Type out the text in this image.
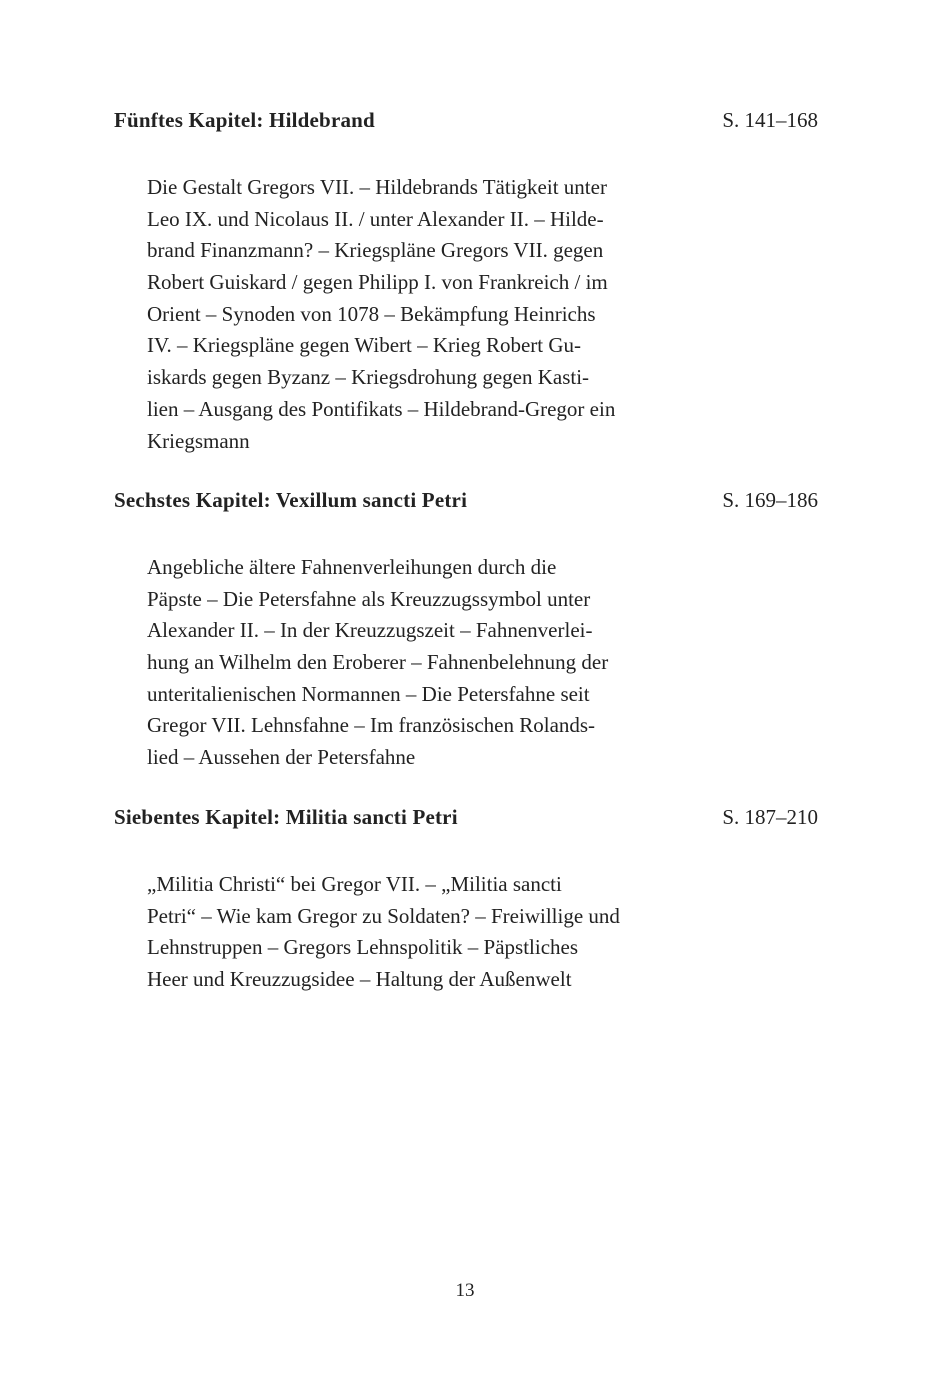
Fünftes Kapitel: Hildebrand	S. 141–168
Die Gestalt Gregors VII. – Hildebrands Tätigkeit unter
Leo IX. und Nicolaus II. / unter Alexander II. – Hilde-
brand Finanzmann? – Kriegspläne Gregors VII. gegen
Robert Guiskard / gegen Philipp I. von Frankreich / im
Orient – Synoden von 1078 – Bekämpfung Heinrichs
IV. – Kriegspläne gegen Wibert – Krieg Robert Gu-
iskards gegen Byzanz – Kriegsdrohung gegen Kasti-
lien – Ausgang des Pontifikats – Hildebrand-Gregor ein
Kriegsmann
Sechstes Kapitel: Vexillum sancti Petri	S. 169–186
Angebliche ältere Fahnenverleihungen durch die
Päpste – Die Petersfahne als Kreuzzugssymbol unter
Alexander II. – In der Kreuzzugszeit – Fahnenverlei-
hung an Wilhelm den Eroberer – Fahnenbelehnung der
unteritalienischen Normannen – Die Petersfahne seit
Gregor VII. Lehnsfahne – Im französischen Rolands-
lied – Aussehen der Petersfahne
Siebentes Kapitel: Militia sancti Petri	S. 187–210
„Militia Christi“ bei Gregor VII. – „Militia sancti
Petri“ – Wie kam Gregor zu Soldaten? – Freiwillige und
Lehnstruppen – Gregors Lehnspolitik – Päpstliches
Heer und Kreuzzugsidee – Haltung der Außenwelt
13
